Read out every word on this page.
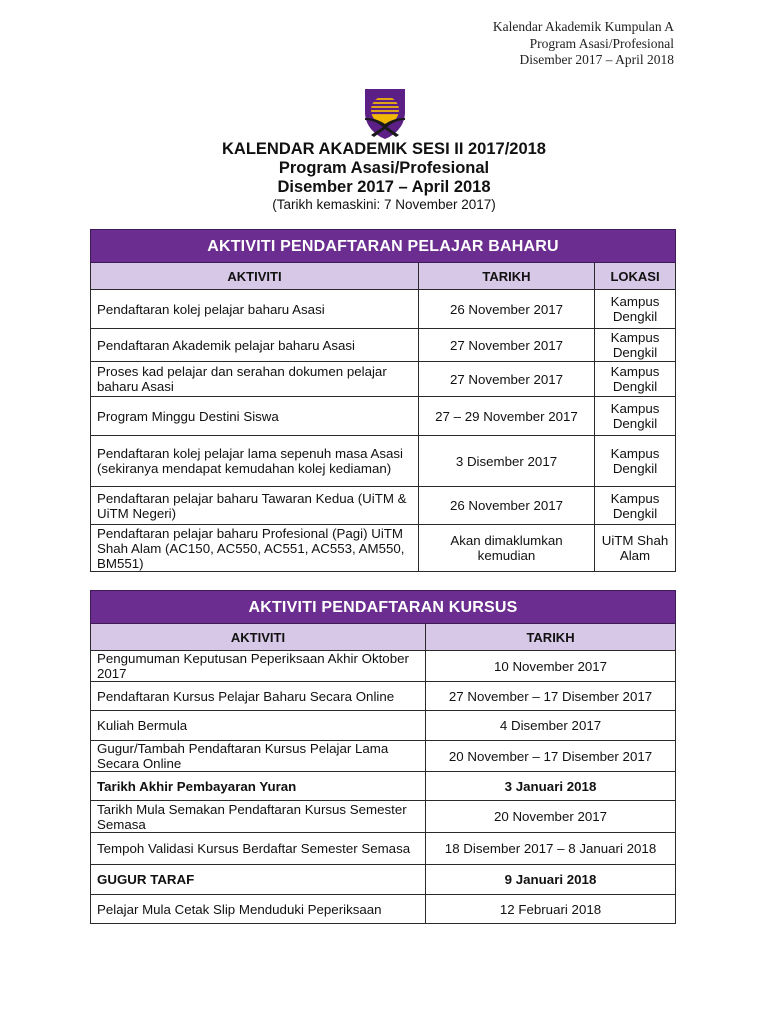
Kalendar Akademik Kumpulan A
Program Asasi/Profesional
Disember 2017 – April 2018
KALENDAR AKADEMIK SESI II 2017/2018
Program Asasi/Profesional
Disember 2017 – April 2018
(Tarikh kemaskini: 7 November 2017)
AKTIVITI PENDAFTARAN PELAJAR BAHARU		
AKTIVITI	TARIKH	LOKASI
Pendaftaran kolej pelajar baharu Asasi	26 November 2017	Kampus Dengkil
Pendaftaran Akademik pelajar baharu Asasi	27 November 2017	Kampus Dengkil
Proses kad pelajar dan serahan dokumen pelajar baharu Asasi	27 November 2017	Kampus Dengkil
Program Minggu Destini Siswa	27 – 29 November 2017	Kampus Dengkil
Pendaftaran kolej pelajar lama sepenuh masa Asasi (sekiranya mendapat kemudahan kolej kediaman)	3 Disember 2017	Kampus Dengkil
Pendaftaran pelajar baharu Tawaran Kedua (UiTM & UiTM Negeri)	26 November 2017	Kampus Dengkil
Pendaftaran pelajar baharu Profesional (Pagi) UiTM Shah Alam (AC150, AC550, AC551, AC553, AM550, BM551)	Akan dimaklumkan kemudian	UiTM Shah Alam
AKTIVITI PENDAFTARAN KURSUS	
AKTIVITI	TARIKH
Pengumuman Keputusan Peperiksaan Akhir Oktober 2017	10 November 2017
Pendaftaran Kursus Pelajar Baharu Secara Online	27 November – 17 Disember 2017
Kuliah Bermula	4 Disember 2017
Gugur/Tambah Pendaftaran Kursus Pelajar Lama Secara Online	20 November – 17 Disember 2017
Tarikh Akhir Pembayaran Yuran	3 Januari 2018
Tarikh Mula Semakan Pendaftaran Kursus Semester Semasa	20 November 2017
Tempoh Validasi Kursus Berdaftar Semester Semasa	18 Disember 2017 – 8 Januari 2018
GUGUR TARAF	9 Januari 2018
Pelajar Mula Cetak Slip Menduduki Peperiksaan	12 Februari 2018
